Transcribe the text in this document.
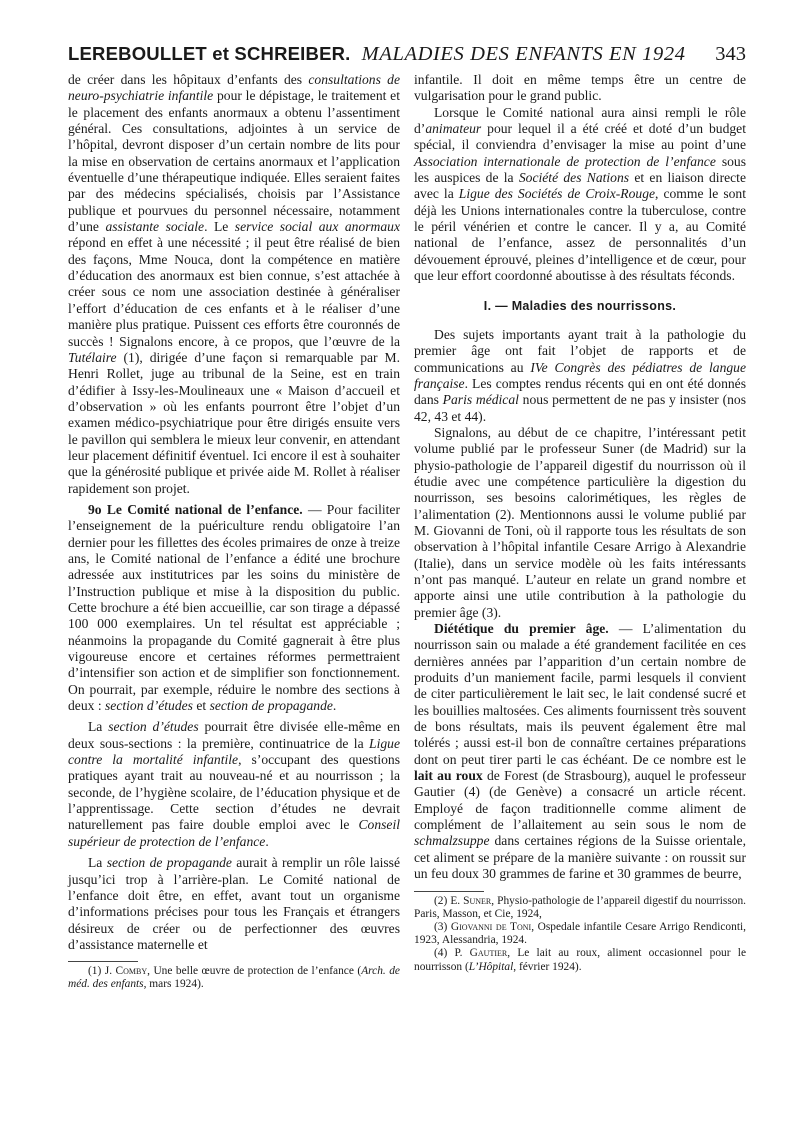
LEREBOULLET et SCHREIBER.
MALADIES DES ENFANTS EN 1924	343

de créer dans les hôpitaux d’enfants des consultations de neuro-psychiatrie infantile pour le dépistage, le traitement et le placement des enfants anormaux a obtenu l’assentiment général. Ces consultations, adjointes à un service de l’hôpital, devront disposer d’un certain nombre de lits pour la mise en observation de certains anormaux et l’application éventuelle d’une thérapeutique indiquée. Elles seraient faites par des médecins spécialisés, choisis par l’Assistance publique et pourvues du personnel nécessaire, notamment d’une assistante sociale. Le service social aux anormaux répond en effet à une nécessité ; il peut être réalisé de bien des façons, Mme Nouca, dont la compétence en matière d’éducation des anormaux est bien connue, s’est attachée à créer sous ce nom une association destinée à généraliser l’effort d’éducation de ces enfants et à le réaliser d’une manière plus pratique. Puissent ces efforts être couronnés de succès ! Signalons encore, à ce propos, que l’œuvre de la Tutélaire (1), dirigée d’une façon si remarquable par M. Henri Rollet, juge au tribunal de la Seine, est en train d’édifier à Issy-les-Moulineaux une « Maison d’accueil et d’observation » où les enfants pourront être l’objet d’un examen médico-psychiatrique pour être dirigés ensuite vers le pavillon qui semblera le mieux leur convenir, en attendant leur placement définitif éventuel. Ici encore il est à souhaiter que la générosité publique et privée aide M. Rollet à réaliser rapidement son projet.

9o Le Comité national de l’enfance. — Pour faciliter l’enseignement de la puériculture rendu obligatoire l’an dernier pour les fillettes des écoles primaires de onze à treize ans, le Comité national de l’enfance a édité une brochure adressée aux institutrices par les soins du ministère de l’Instruction publique et mise à la disposition du public. Cette brochure a été bien accueillie, car son tirage a dépassé 100 000 exemplaires. Un tel résultat est appréciable ; néanmoins la propagande du Comité gagnerait à être plus vigoureuse encore et certaines réformes permettraient d’intensifier son action et de simplifier son fonctionnement. On pourrait, par exemple, réduire le nombre des sections à deux : section d’études et section de propagande.

La section d’études pourrait être divisée elle-même en deux sous-sections : la première, continuatrice de la Ligue contre la mortalité infantile, s’occupant des questions pratiques ayant trait au nouveau-né et au nourrisson ; la seconde, de l’hygiène scolaire, de l’éducation physique et de l’apprentissage. Cette section d’études ne devrait naturellement pas faire double emploi avec le Conseil supérieur de protection de l’enfance.

La section de propagande aurait à remplir un rôle laissé jusqu’ici trop à l’arrière-plan. Le Comité national de l’enfance doit être, en effet, avant tout un organisme d’informations précises pour tous les Français et étrangers désireux de créer ou de perfectionner des œuvres d’assistance maternelle et

(1) J. Comby, Une belle œuvre de protection de l’enfance (Arch. de méd. des enfants, mars 1924).

infantile. Il doit en même temps être un centre de vulgarisation pour le grand public.

Lorsque le Comité national aura ainsi rempli le rôle d’animateur pour lequel il a été créé et doté d’un budget spécial, il conviendra d’envisager la mise au point d’une Association internationale de protection de l’enfance sous les auspices de la Société des Nations et en liaison directe avec la Ligue des Sociétés de Croix-Rouge, comme le sont déjà les Unions internationales contre la tuberculose, contre le péril vénérien et contre le cancer. Il y a, au Comité national de l’enfance, assez de personnalités d’un dévouement éprouvé, pleines d’intelligence et de cœur, pour que leur effort coordonné aboutisse à des résultats féconds.

I. — Maladies des nourrissons.

Des sujets importants ayant trait à la pathologie du premier âge ont fait l’objet de rapports et de communications au IVe Congrès des pédiatres de langue française. Les comptes rendus récents qui en ont été donnés dans Paris médical nous permettent de ne pas y insister (nos 42, 43 et 44).

Signalons, au début de ce chapitre, l’intéressant petit volume publié par le professeur Suner (de Madrid) sur la physio-pathologie de l’appareil digestif du nourrisson où il étudie avec une compétence particulière la digestion du nourrisson, ses besoins calorimétiques, les règles de l’alimentation (2). Mentionnons aussi le volume publié par M. Giovanni de Toni, où il rapporte tous les résultats de son observation à l’hôpital infantile Cesare Arrigo à Alexandrie (Italie), dans un service modèle où les faits intéressants n’ont pas manqué. L’auteur en relate un grand nombre et apporte ainsi une utile contribution à la pathologie du premier âge (3).

Diététique du premier âge. — L’alimentation du nourrisson sain ou malade a été grandement facilitée en ces dernières années par l’apparition d’un certain nombre de produits d’un maniement facile, parmi lesquels il convient de citer particulièrement le lait sec, le lait condensé sucré et les bouillies maltosées. Ces aliments fournissent très souvent de bons résultats, mais ils peuvent également être mal tolérés ; aussi est-il bon de connaître certaines préparations dont on peut tirer parti le cas échéant. De ce nombre est le lait au roux de Forest (de Strasbourg), auquel le professeur Gautier (4) (de Genève) a consacré un article récent. Employé de façon traditionnelle comme aliment de complément de l’allaitement au sein sous le nom de schmalzsuppe dans certaines régions de la Suisse orientale, cet aliment se prépare de la manière suivante : on roussit sur un feu doux 30 grammes de farine et 30 grammes de beurre,

(2) E. Suner, Physio-pathologie de l’appareil digestif du nourrisson. Paris, Masson, et Cie, 1924,

(3) Giovanni de Toni, Ospedale infantile Cesare Arrigo Rendiconti, 1923, Alessandria, 1924.

(4) P. Gautier, Le lait au roux, aliment occasionnel pour le nourrisson (L’Hôpital, février 1924).
